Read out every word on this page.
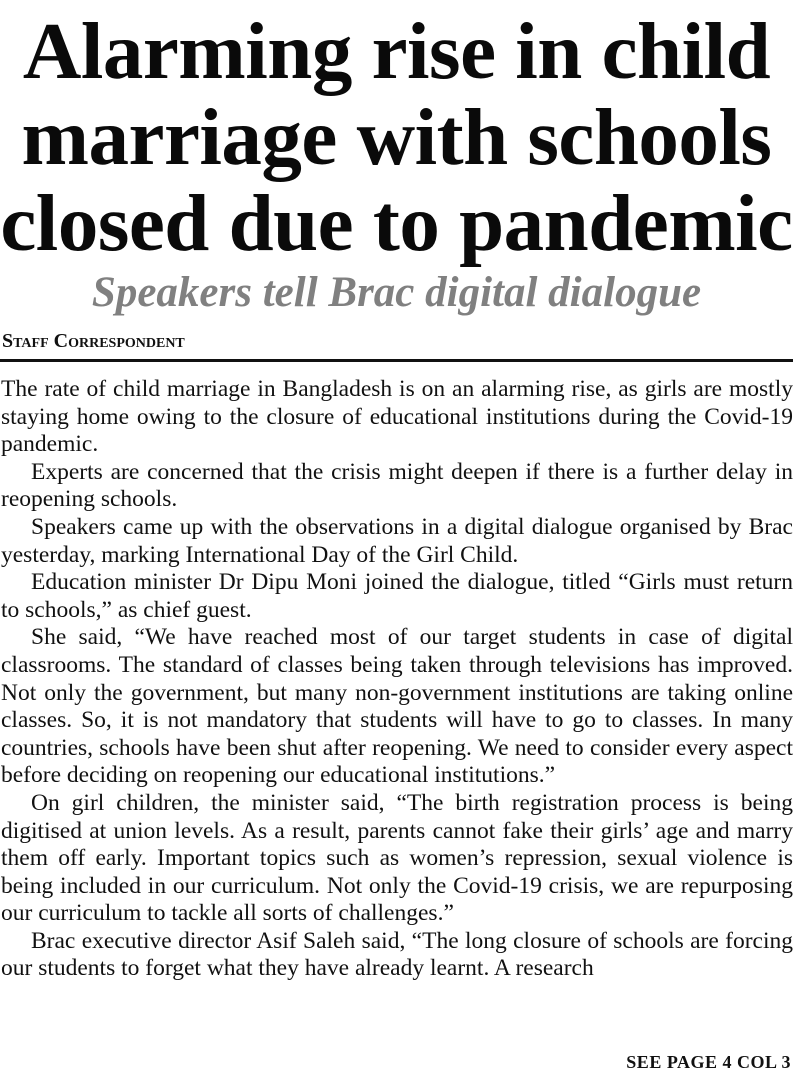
Alarming rise in child
marriage with schools
closed due to pandemic
Speakers tell Brac digital dialogue
Staff Correspondent

The rate of child marriage in Bangladesh is on an alarming rise, as girls are mostly staying home owing to the closure of educational institutions during the Covid-19 pandemic.

Experts are concerned that the crisis might deepen if there is a further delay in reopening schools.

Speakers came up with the observations in a digital dialogue organised by Brac yesterday, marking International Day of the Girl Child.

Education minister Dr Dipu Moni joined the dialogue, titled “Girls must return to schools,” as chief guest.

She said, “We have reached most of our target students in case of digital classrooms. The standard of classes being taken through televisions has improved. Not only the government, but many non-government institutions are taking online classes. So, it is not mandatory that students will have to go to classes. In many countries, schools have been shut after reopening. We need to consider every aspect before deciding on reopening our educational institutions.”

On girl children, the minister said, “The birth registration process is being digitised at union levels. As a result, parents cannot fake their girls’ age and marry them off early. Important topics such as women’s repression, sexual violence is being included in our curriculum. Not only the Covid-19 crisis, we are repurposing our curriculum to tackle all sorts of challenges.”

Brac executive director Asif Saleh said, “The long closure of schools are forcing our students to forget what they have already learnt. A research

SEE PAGE 4 COL 3
